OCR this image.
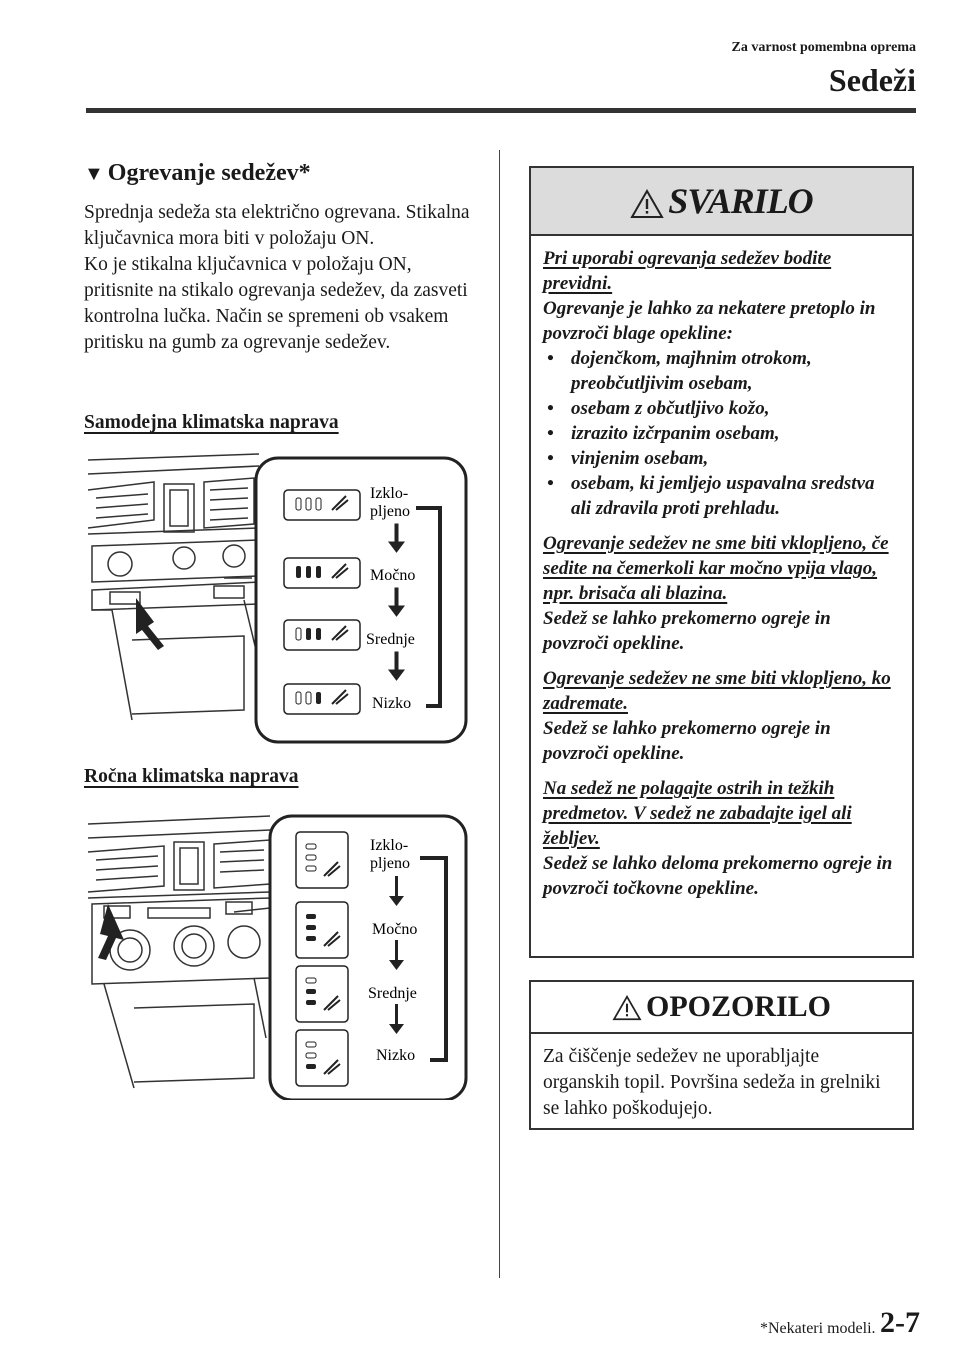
Za varnost pomembna oprema
Sedeži
▼ Ogrevanje sedežev*

Sprednja sedeža sta električno ogrevana. Stikalna ključavnica mora biti v položaju ON.

Ko je stikalna ključavnica v položaju ON, pritisnite na stikalo ogrevanja sedežev, da zasveti kontrolna lučka. Način se spremeni ob vsakem pritisku na gumb za ogrevanje sedežev.

Samodejna klimatska naprava
Izklo-
pljeno
Močno
Srednje
Nizko
Ročna klimatska naprava
Izklo-
pljeno
Močno
Srednje
Nizko
SVARILO

Pri uporabi ogrevanja sedežev bodite previdni.

Ogrevanje je lahko za nekatere pretoplo in povzroči blage opekline:

• dojenčkom, majhnim otrokom, preobčutljivim osebam,
• osebam z občutljivo kožo,
• izrazito izčrpanim osebam,
• vinjenim osebam,
• osebam, ki jemljejo uspavalna sredstva ali zdravila proti prehladu.

Ogrevanje sedežev ne sme biti vklopljeno, če sedite na čemerkoli kar močno vpija vlago, npr. brisača ali blazina.

Sedež se lahko prekomerno ogreje in povzroči opekline.

Ogrevanje sedežev ne sme biti vklopljeno, ko zadremate.

Sedež se lahko prekomerno ogreje in povzroči opekline.

Na sedež ne polagajte ostrih in težkih predmetov. V sedež ne zabadajte igel ali žebljev.

Sedež se lahko deloma prekomerno ogreje in povzroči točkovne opekline.

OPOZORILO
Za čiščenje sedežev ne uporabljajte organskih topil. Površina sedeža in grelniki se lahko poškodujejo.
*Nekateri modeli. 2-7
